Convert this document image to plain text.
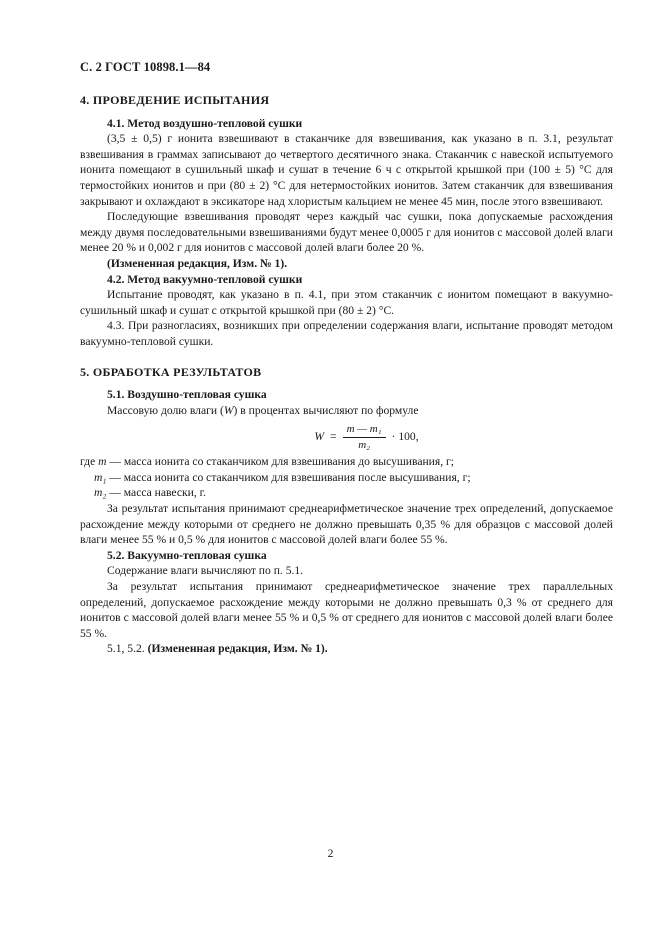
С. 2 ГОСТ 10898.1—84

4. ПРОВЕДЕНИЕ ИСПЫТАНИЯ

4.1. Метод воздушно-тепловой сушки

(3,5 ± 0,5) г ионита взвешивают в стаканчике для взвешивания, как указано в п. 3.1, результат взвешивания в граммах записывают до четвертого десятичного знака. Стаканчик с навеской испытуемого ионита помещают в сушильный шкаф и сушат в течение 6 ч с открытой крышкой при (100 ± 5) °С для термостойких ионитов и при (80 ± 2) °С для нетермостойких ионитов. Затем стаканчик для взвешивания закрывают и охлаждают в эксикаторе над хлористым кальцием не менее 45 мин, после этого взвешивают.

Последующие взвешивания проводят через каждый час сушки, пока допускаемые расхождения между двумя последовательными взвешиваниями будут менее 0,0005 г для ионитов с массовой долей влаги менее 20 % и 0,002 г для ионитов с массовой долей влаги более 20 %.

(Измененная редакция, Изм. № 1).

4.2. Метод вакуумно-тепловой сушки

Испытание проводят, как указано в п. 4.1, при этом стаканчик с ионитом помещают в вакуумно-сушильный шкаф и сушат с открытой крышкой при (80 ± 2) °С.

4.3. При разногласиях, возникших при определении содержания влаги, испытание проводят методом вакуумно-тепловой сушки.

5. ОБРАБОТКА РЕЗУЛЬТАТОВ

5.1. Воздушно-тепловая сушка

Массовую долю влаги (W) в процентах вычисляют по формуле

$W = \frac{\text{m — m₁}}{\text{m₂}} \cdot 100$,

где m — масса ионита со стаканчиком для взвешивания до высушивания, г;

m₁ — масса ионита со стаканчиком для взвешивания после высушивания, г;

m₂ — масса навески, г.

За результат испытания принимают среднеарифметическое значение трех определений, допускаемое расхождение между которыми от среднего не должно превышать 0,35 % для образцов с массовой долей влаги менее 55 % и 0,5 % для ионитов с массовой долей влаги более 55 %.

5.2. Вакуумно-тепловая сушка

Содержание влаги вычисляют по п. 5.1.

За результат испытания принимают среднеарифметическое значение трех параллельных определений, допускаемое расхождение между которыми не должно превышать 0,3 % от среднего для ионитов с массовой долей влаги менее 55 % и 0,5 % от среднего для ионитов с массовой долей влаги более 55 %.

5.1, 5.2. (Измененная редакция, Изм. № 1).

2
